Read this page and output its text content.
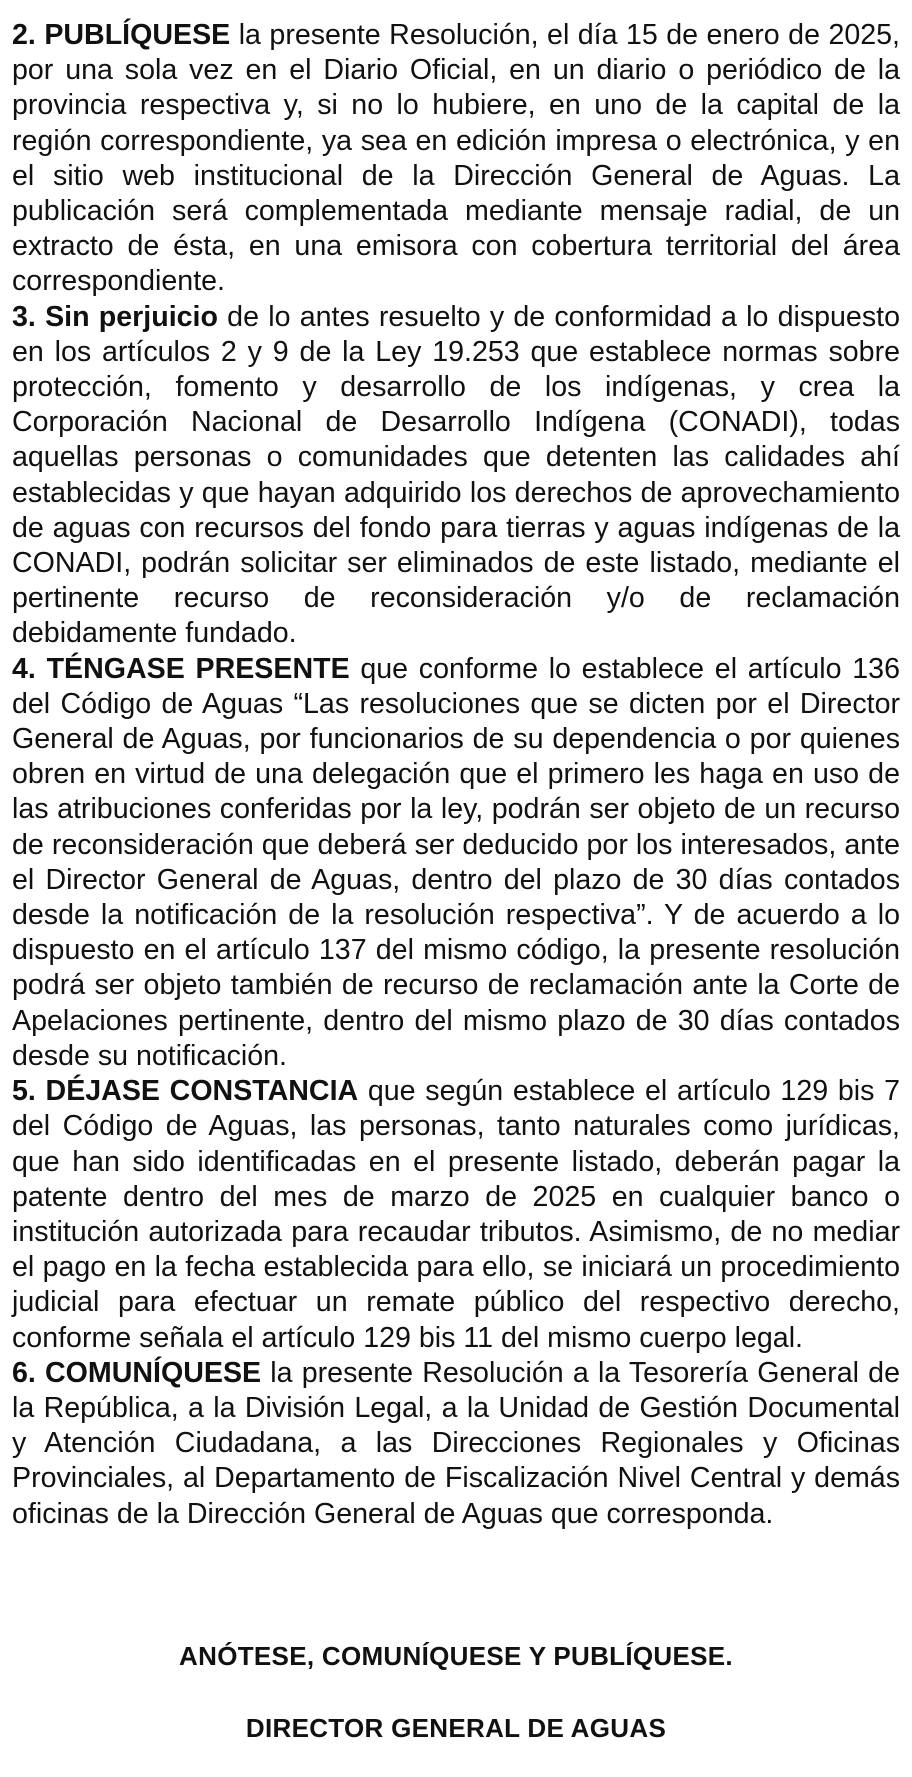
2. PUBLÍQUESE la presente Resolución, el día 15 de enero de 2025, por una sola vez en el Diario Oficial, en un diario o periódico de la provincia respectiva y, si no lo hubiere, en uno de la capital de la región correspondiente, ya sea en edición impresa o electrónica, y en el sitio web institucional de la Dirección General de Aguas. La publicación será complementada mediante mensaje radial, de un extracto de ésta, en una emisora con cobertura territorial del área correspondiente.

3. Sin perjuicio de lo antes resuelto y de conformidad a lo dispuesto en los artículos 2 y 9 de la Ley 19.253 que establece normas sobre protección, fomento y desarrollo de los indígenas, y crea la Corporación Nacional de Desarrollo Indígena (CONADI), todas aquellas personas o comunidades que detenten las calidades ahí establecidas y que hayan adquirido los derechos de aprovechamiento de aguas con recursos del fondo para tierras y aguas indígenas de la CONADI, podrán solicitar ser eliminados de este listado, mediante el pertinente recurso de reconsideración y/o de reclamación debidamente fundado.

4. TÉNGASE PRESENTE que conforme lo establece el artículo 136 del Código de Aguas “Las resoluciones que se dicten por el Director General de Aguas, por funcionarios de su dependencia o por quienes obren en virtud de una delegación que el primero les haga en uso de las atribuciones conferidas por la ley, podrán ser objeto de un recurso de reconsideración que deberá ser deducido por los interesados, ante el Director General de Aguas, dentro del plazo de 30 días contados desde la notificación de la resolución respectiva”. Y de acuerdo a lo dispuesto en el artículo 137 del mismo código, la presente resolución podrá ser objeto también de recurso de reclamación ante la Corte de Apelaciones pertinente, dentro del mismo plazo de 30 días contados desde su notificación.

5. DÉJASE CONSTANCIA que según establece el artículo 129 bis 7 del Código de Aguas, las personas, tanto naturales como jurídicas, que han sido identificadas en el presente listado, deberán pagar la patente dentro del mes de marzo de 2025 en cualquier banco o institución autorizada para recaudar tributos. Asimismo, de no mediar el pago en la fecha establecida para ello, se iniciará un procedimiento judicial para efectuar un remate público del respectivo derecho, conforme señala el artículo 129 bis 11 del mismo cuerpo legal.

6. COMUNÍQUESE la presente Resolución a la Tesorería General de la República, a la División Legal, a la Unidad de Gestión Documental y Atención Ciudadana, a las Direcciones Regionales y Oficinas Provinciales, al Departamento de Fiscalización Nivel Central y demás oficinas de la Dirección General de Aguas que corresponda.

ANÓTESE, COMUNÍQUESE Y PUBLÍQUESE.
DIRECTOR GENERAL DE AGUAS
